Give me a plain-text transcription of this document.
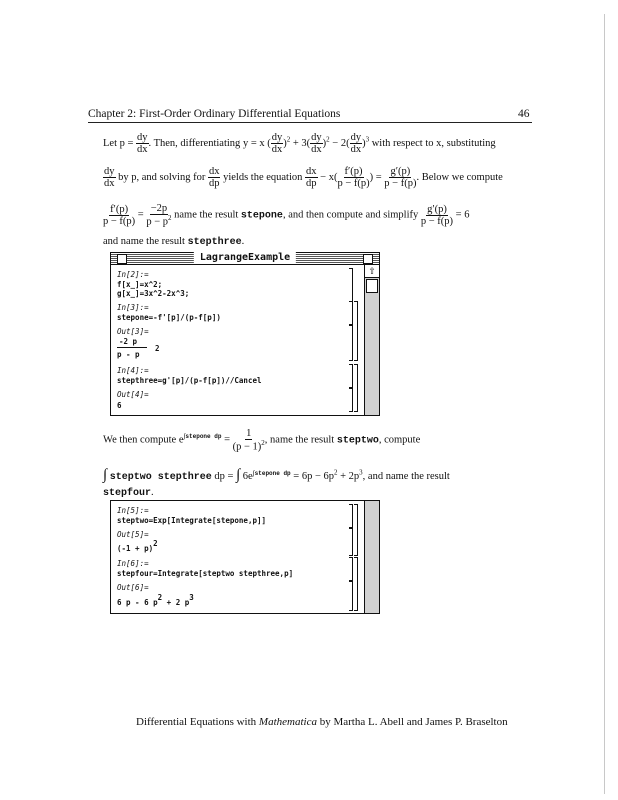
Chapter 2: First-Order Ordinary Differential Equations	46
Let $p = \frac{dy}{dx}$ . Then, differentiating y = x ( $\frac{dy}{dx} )^2 + 3( \frac{dy}{dx} )^2 - 2( \frac{dy}{dx} )^3$ with respect to x, substituting
$\frac{dy}{dx}$ by p, and solving for $\frac{dx}{dp}$ yields the equation $\frac{dx}{dp} - x( \frac{f'(p)}{p - f(p)}$ ) = $\frac{g'(p)}{p - f(p)}$ . Below we compute
$\frac{f'(p)}{p - f(p)} = \frac{-2p}{p - p^2}$ name the result stepone, and then compute and simplify $\frac{g'(p)}{p - f(p)} = 6$
and name the result stepthree.
LagrangeExample
⇧
In[2]:=
f[x_]=x^2;
g[x_]=3x^2-2x^3;
In[3]:=
stepone=-f'[p]/(p-f[p])
Out[3]=
-2 p
2
p - p
In[4]:=
stepthree=g'[p]/(p-f[p])//Cancel
Out[4]=
6
We then compute $e^{\int stepone dp} = \frac{1}{(p - 1)^2}$ , name the result steptwo, compute
∫ steptwo stepthree dp = ∫ $6e^{\int stepone dp} = 6p - 6p^2 + 2p^3$, and name the result
stepfour.
In[5]:=
steptwo=Exp[Integrate[stepone,p]]
Out[5]=
(-1 + p)2
In[6]:=
stepfour=Integrate[steptwo stepthree,p]
Out[6]=
6 p - 6 p2 + 2 p3
Differential Equations with Mathematica by Martha L. Abell and James P. Braselton
